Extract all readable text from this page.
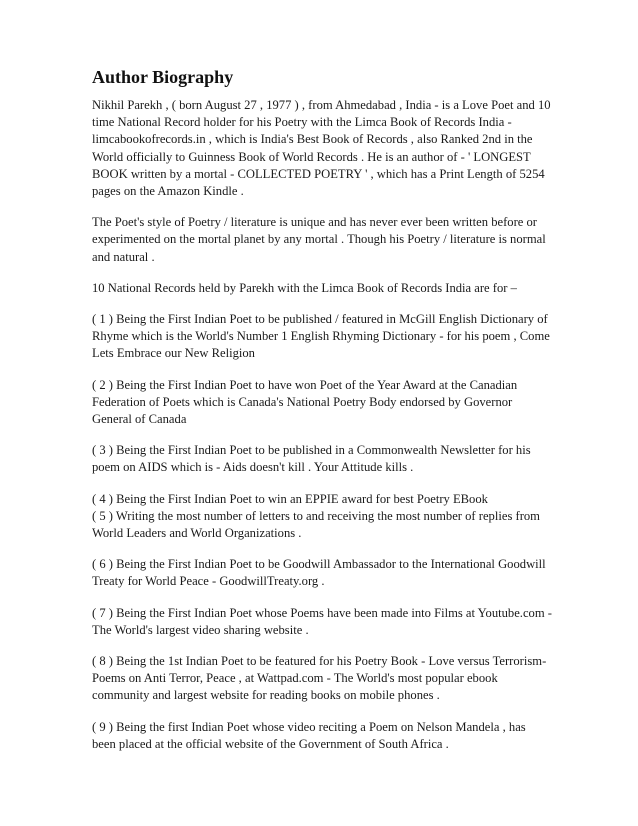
Author Biography
Nikhil Parekh , ( born August 27 , 1977 ) , from Ahmedabad , India - is a Love Poet and 10 time National Record holder for his Poetry with the Limca Book of Records India - limcabookofrecords.in , which is India's Best Book of Records , also Ranked 2nd in the World officially to Guinness Book of World Records . He is an author of - ' LONGEST BOOK written by a mortal - COLLECTED POETRY ' , which has a Print Length of 5254 pages on the Amazon Kindle .
The Poet's style of Poetry / literature is unique and has never ever been written before or experimented on the mortal planet by any mortal . Though his Poetry / literature is normal and natural .
10 National Records held by Parekh with the Limca Book of Records India are for –
( 1 ) Being the First Indian Poet to be published / featured in McGill English Dictionary of Rhyme which is the World's Number 1 English Rhyming Dictionary - for his poem , Come Lets Embrace our New Religion
( 2 ) Being the First Indian Poet to have won Poet of the Year Award at the Canadian Federation of Poets which is Canada's National Poetry Body endorsed by Governor General of Canada
( 3 ) Being the First Indian Poet to be published in a Commonwealth Newsletter for his poem on AIDS which is - Aids doesn't kill . Your Attitude kills .
( 4 ) Being the First Indian Poet to win an EPPIE award for best Poetry EBook
( 5 ) Writing the most number of letters to and receiving the most number of replies from World Leaders and World Organizations .
( 6 ) Being the First Indian Poet to be Goodwill Ambassador to the International Goodwill Treaty for World Peace - GoodwillTreaty.org .
( 7 ) Being the First Indian Poet whose Poems have been made into Films at Youtube.com - The World's largest video sharing website .
( 8 ) Being the 1st Indian Poet to be featured for his Poetry Book - Love versus Terrorism- Poems on Anti Terror, Peace , at Wattpad.com - The World's most popular ebook community and largest website for reading books on mobile phones .
( 9 ) Being the first Indian Poet whose video reciting a Poem on Nelson Mandela , has been placed at the official website of the Government of South Africa .
